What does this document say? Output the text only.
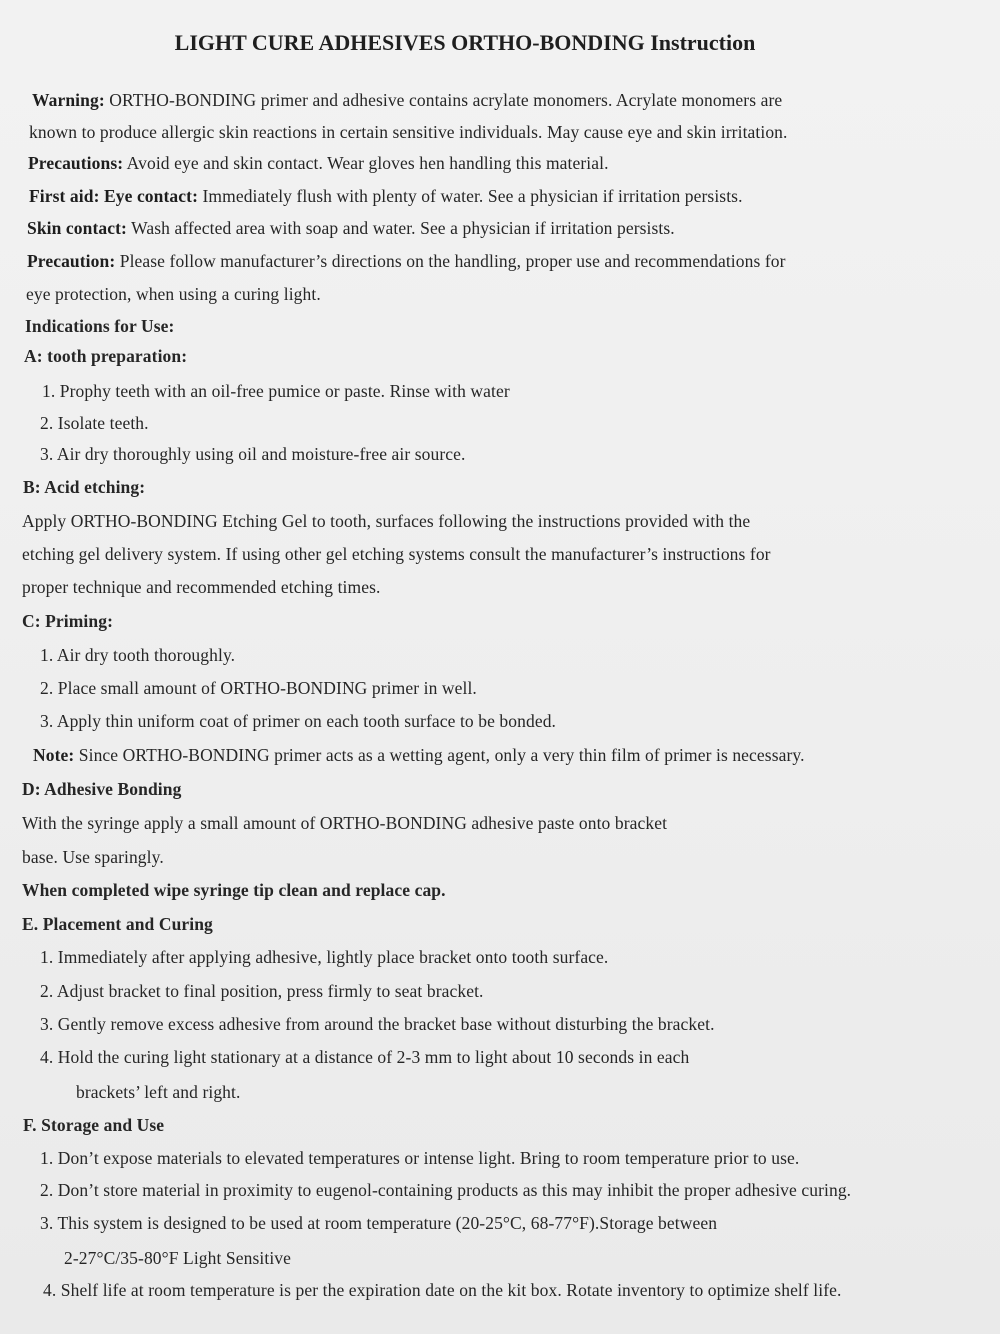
LIGHT CURE ADHESIVES ORTHO-BONDING Instruction
Warning: ORTHO-BONDING primer and adhesive contains acrylate monomers. Acrylate monomers are
known to produce allergic skin reactions in certain sensitive individuals. May cause eye and skin irritation.
Precautions: Avoid eye and skin contact. Wear gloves hen handling this material.
First aid: Eye contact: Immediately flush with plenty of water. See a physician if irritation persists.
Skin contact: Wash affected area with soap and water. See a physician if irritation persists.
Precaution: Please follow manufacturer’s directions on the handling, proper use and recommendations for
eye protection, when using a curing light.
Indications for Use:
A: tooth preparation:
1. Prophy teeth with an oil-free pumice or paste. Rinse with water
2. Isolate teeth.
3. Air dry thoroughly using oil and moisture-free air source.
B: Acid etching:
Apply ORTHO-BONDING Etching Gel to tooth, surfaces following the instructions provided with the
etching gel delivery system. If using other gel etching systems consult the manufacturer’s instructions for
proper technique and recommended etching times.
C: Priming:
1. Air dry tooth thoroughly.
2. Place small amount of ORTHO-BONDING primer in well.
3. Apply thin uniform coat of primer on each tooth surface to be bonded.
Note: Since ORTHO-BONDING primer acts as a wetting agent, only a very thin film of primer is necessary.
D: Adhesive Bonding
With the syringe apply a small amount of ORTHO-BONDING adhesive paste onto bracket
base. Use sparingly.
When completed wipe syringe tip clean and replace cap.
E. Placement and Curing
1. Immediately after applying adhesive, lightly place bracket onto tooth surface.
2. Adjust bracket to final position, press firmly to seat bracket.
3. Gently remove excess adhesive from around the bracket base without disturbing the bracket.
4. Hold the curing light stationary at a distance of 2-3 mm to light about 10 seconds in each
brackets’ left and right.
F. Storage and Use
1. Don’t expose materials to elevated temperatures or intense light. Bring to room temperature prior to use.
2. Don’t store material in proximity to eugenol-containing products as this may inhibit the proper adhesive curing.
3. This system is designed to be used at room temperature (20-25°C, 68-77°F).Storage between
2-27°C/35-80°F Light Sensitive
4. Shelf life at room temperature is per the expiration date on the kit box. Rotate inventory to optimize shelf life.
